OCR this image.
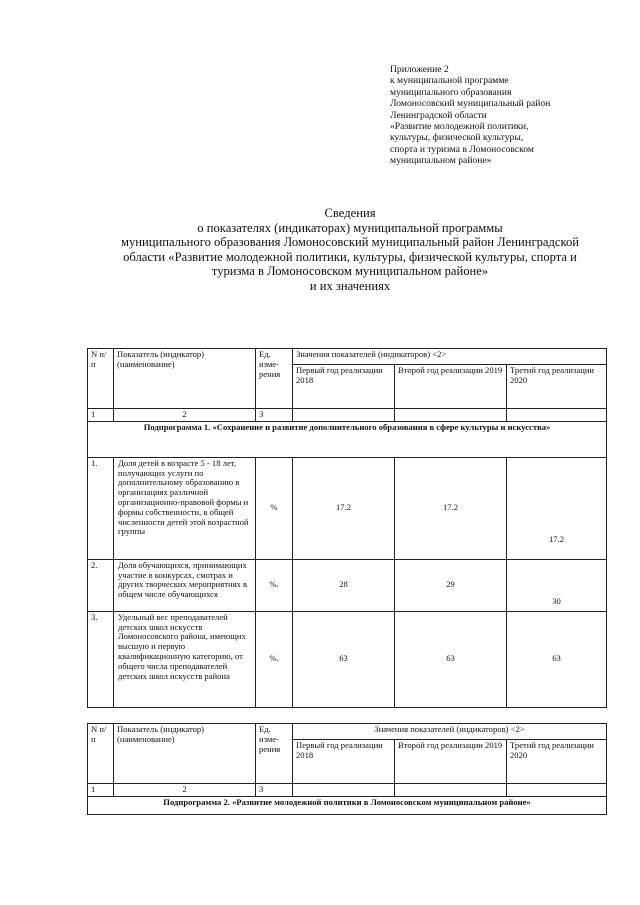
Приложение 2
к муниципальной программе
муниципального образования
Ломоносовский муниципальный район
Ленинградской области
«Развитие молодежной политики,
культуры, физической культуры,
спорта и туризма в Ломоносовском
муниципальном районе»
Сведения
о показателях (индикаторах) муниципальной программы
муниципального образования Ломоносовский муниципальный район Ленинградской
области «Развитие молодежной политики, культуры, физической культуры, спорта и
туризма в Ломоносовском муниципальном районе»
и их значениях
N п/п	Показатель (индикатор) (наименование)	Ед. изме- рения	Значения показателей (индикаторов) <2>		
			Первый год реализации 2018	Второй год реализации 2019	Третий год реализации 2020
1	2	3			
Подпрограмма 1. «Сохранение и развитие дополнительного образования в сфере культуры и искусства»					
1.	Доля детей в возрасте 5 - 18 лет, получающих услуги по дополнительному образованию в организациях различной организационно-правовой формы и формы собственности, в общей численности детей этой возрастной группы	%	17.2	17.2	17.2
2.	Доля обучающихся, принимающих участие в конкурсах, смотрах и других творческих мероприятиях в общем числе обучающихся	%.	28	29	30
3.	Удельный вес преподавателей детских школ искусств Ломоносовского района, имеющих высшую и первую квалификационную категорию, от общего числа преподавателей детских школ искусств района	%.	63	63	63
N п/п	Показатель (индикатор) (наименование)	Ед. изме- рения	Значения показателей (индикаторов) <2>		
			Первый год реализации 2018	Второй год реализации 2019	Третий год реализации 2020
1	2	3			
Подпрограмма 2. «Развитие молодежной политики в Ломоносовском муниципальном районе»					
